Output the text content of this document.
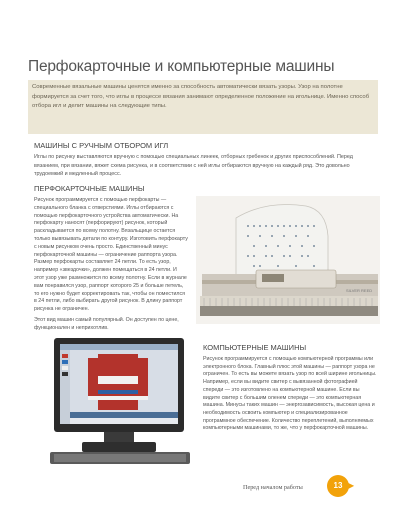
Перфокарточные и компьютерные машины
Современные вязальные машины ценятся именно за способность автоматически вязать узоры. Узор на полотне формируется за счет того, что иглы в процессе вязания занимают определенное положение на игольнице. Именно способ отбора игл и делит машины на следующие типы.
МАШИНЫ С РУЧНЫМ ОТБОРОМ ИГЛ
Иглы по рисунку выставляются вручную с помощью специальных линеек, отборных гребенок и других приспособлений. Перед вязанием, при вязании, вяжет схема рисунка, и в соответствии с ней иглы отбираются вручную на каждый ряд. Это довольно трудоемкий и медленный процесс.
ПЕРФОКАРТОЧНЫЕ МАШИНЫ

Рисунок программируется с помощью перфокарты — специального бланка с отверстиями. Иглы отбираются с помощью перфокарточного устройства автоматически. На перфокарту наносят (перфорируют) рисунок, который раскладывается по всему полотну. Вязальщице остается только вывязывать детали по контуру. Изготовить перфокарту с новым рисунком очень просто. Единственный минус перфокарточной машины — ограничение раппорта узора. Размер перфокарты составляет 24 петли. То есть узор, например «звездочки», должен помещаться в 24 петли. И этот узор уже размножится по всему полотну. Если в журнале вам понравился узор, раппорт которого 25 и больше петель, то его нужно будет корректировать так, чтобы он поместился в 24 петли, либо выбирать другой рисунок. В длину раппорт рисунка не ограничен.

Этот вид машин самый популярный. Он доступен по цене, функционален и неприхотлив.

SILVER REED
КОМПЬЮТЕРНЫЕ МАШИНЫ
Рисунок программируется с помощью компьютерной программы или электронного блока. Главный плюс этой машины — раппорт узора не ограничен. То есть вы можете вязать узор по всей ширине игольницы. Например, если вы видите свитер с вывязанной фотографией спереди — это изготовлено на компьютерной машине. Если вы видите свитер с большим оленем спереди — это компьютерная машина. Минусы таких машин — энергозависимость, высокая цена и необходимость освоить компьютер и специализированное программное обеспечение. Количество переплетений, выполняемых компьютерными машинами, то же, что у перфокарточной машины.
Перед началом работы	13 ▶
